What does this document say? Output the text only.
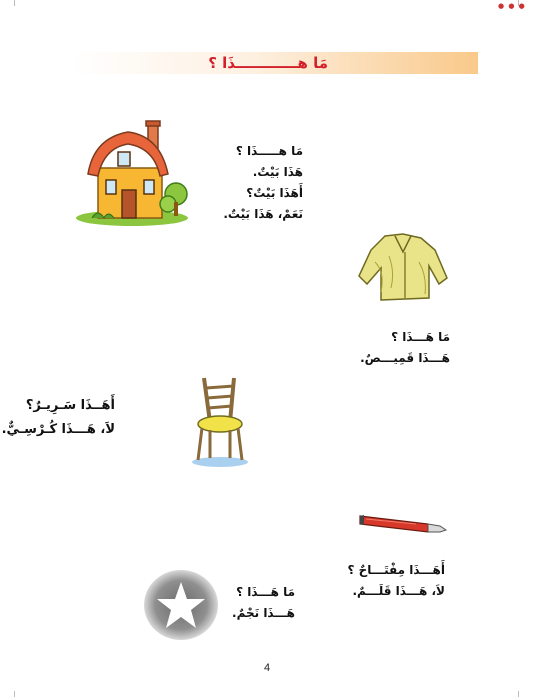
● ● ●
مَا هــــــــــــذَا ؟
مَا هـــــذَا ؟
هَذَا بَيْتٌ.
أَهَذَا بَيْتٌ؟
نَعَمْ، هَذَا بَيْتٌ.
مَا هَـــذَا ؟
هَـــذَا قَمِيـــصٌ.
أَهَــذَا سَـرِيـرٌ؟
لاَ، هَـــذَا كُـرْسِـيٌّ.
أَهَـــذَا مِفْتَـــاحٌ ؟
لاَ، هَـــذَا قَلَـــمٌ.
مَا هَـــذَا ؟
هَـــذَا نَجْمٌ.
4
